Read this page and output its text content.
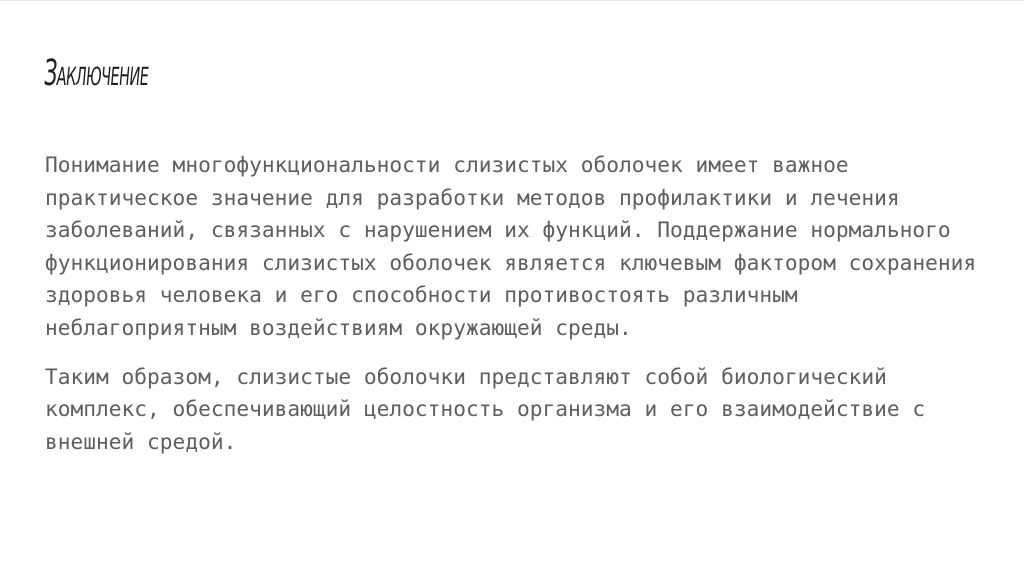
Заключение

Понимание многофункциональности слизистых оболочек имеет важное практическое значение для разработки методов профилактики и лечения заболеваний, связанных с нарушением их функций. Поддержание нормального функционирования слизистых оболочек является ключевым фактором сохранения здоровья человека и его способности противостоять различным неблагоприятным воздействиям окружающей среды.

Таким образом, слизистые оболочки представляют собой биологический комплекс, обеспечивающий целостность организма и его взаимодействие с внешней средой.
